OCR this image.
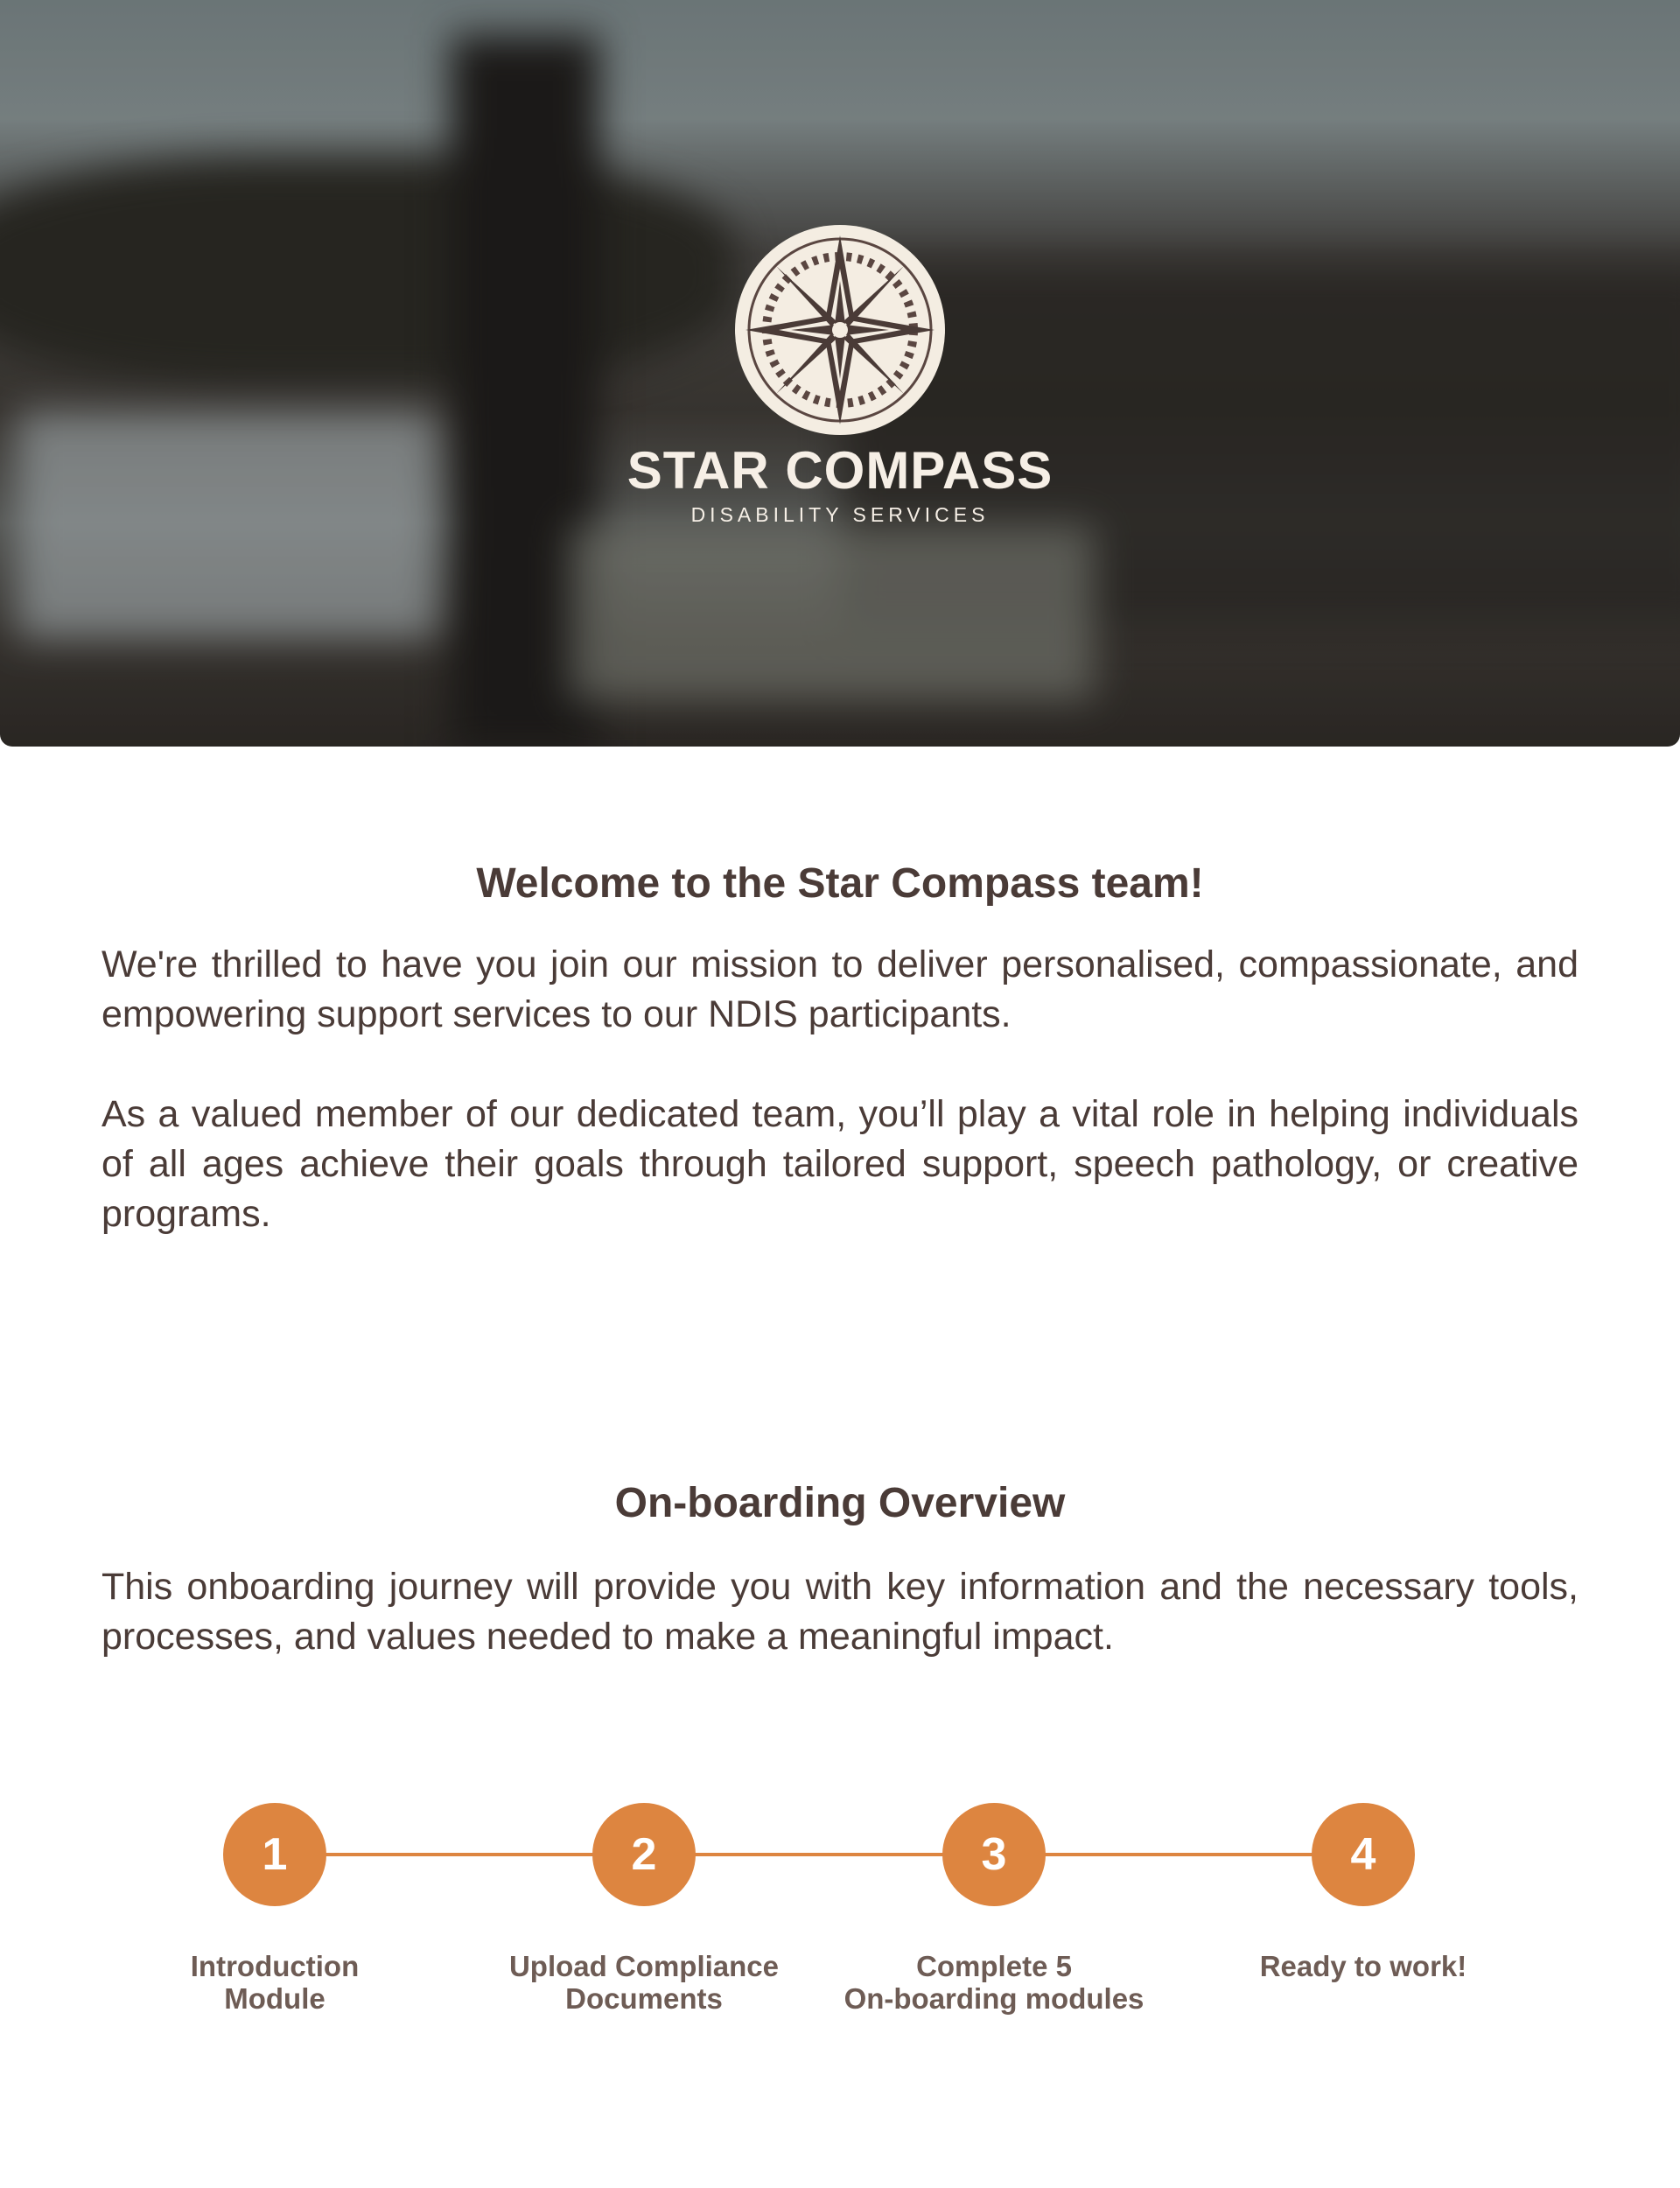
STAR COMPASS
DISABILITY SERVICES
Welcome to the Star Compass team!
We're thrilled to have you join our mission to deliver personalised, compassionate, and empowering support services to our NDIS participants.
As a valued member of our dedicated team, you’ll play a vital role in helping individuals of all ages achieve their goals through tailored support, speech pathology, or creative programs.
On-boarding Overview
This onboarding journey will provide you with key information and the necessary tools, processes, and values needed to make a meaningful impact.
1	2	3	4
Introduction
Module
Upload Compliance
Documents
Complete 5
On-boarding modules
Ready to work!
